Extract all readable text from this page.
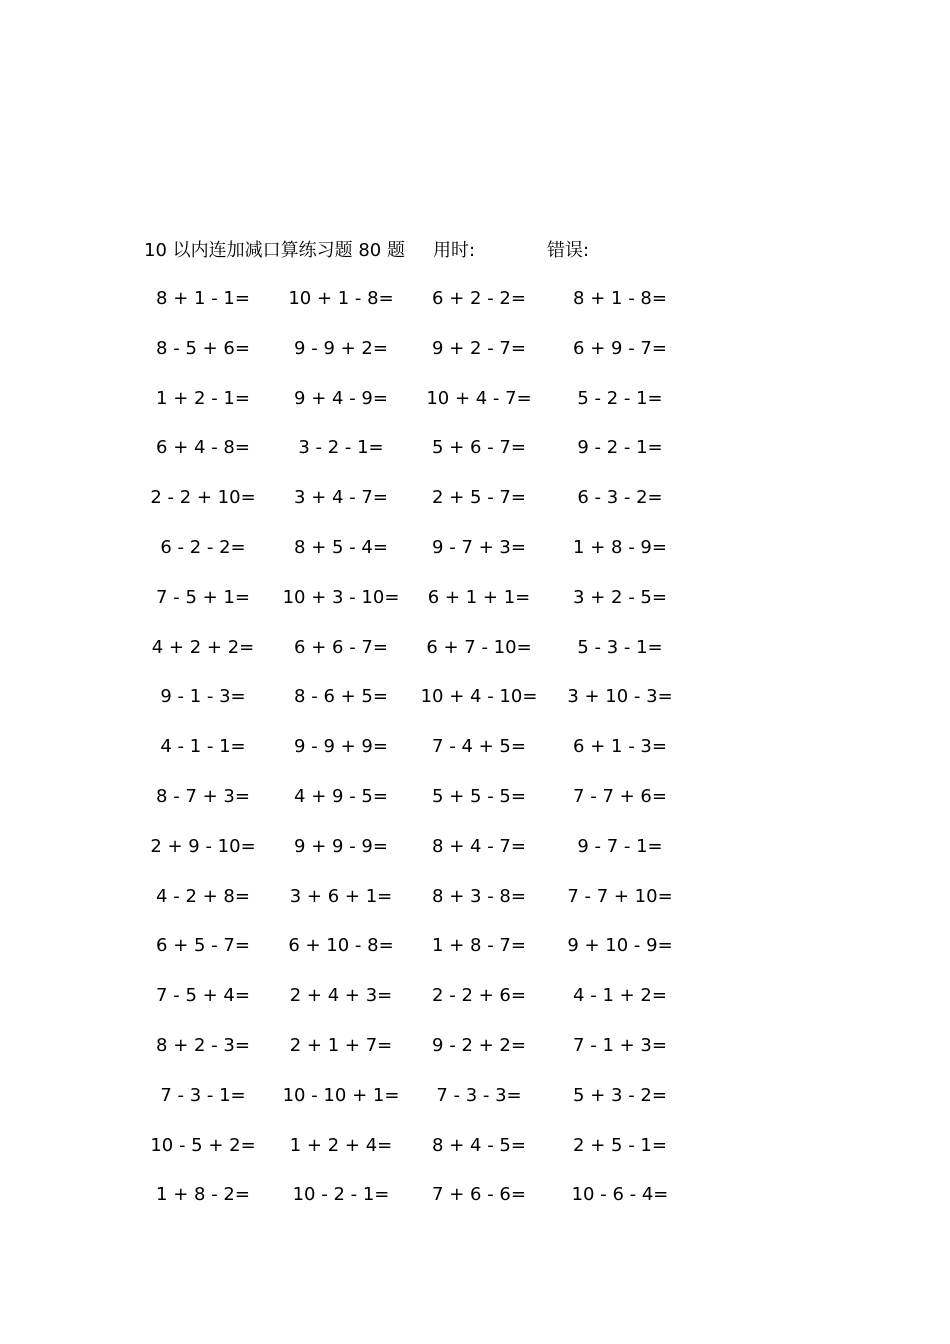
10 以内连加减口算练习题 80 题 用时:	错误:
8 + 1 - 1=	10 + 1 - 8=	6 + 2 - 2=	8 + 1 - 8=
8 - 5 + 6=	9 - 9 + 2=	9 + 2 - 7=	6 + 9 - 7=
1 + 2 - 1=	9 + 4 - 9=	10 + 4 - 7=	5 - 2 - 1=
6 + 4 - 8=	3 - 2 - 1=	5 + 6 - 7=	9 - 2 - 1=
2 - 2 + 10=	3 + 4 - 7=	2 + 5 - 7=	6 - 3 - 2=
6 - 2 - 2=	8 + 5 - 4=	9 - 7 + 3=	1 + 8 - 9=
7 - 5 + 1=	10 + 3 - 10=	6 + 1 + 1=	3 + 2 - 5=
4 + 2 + 2=	6 + 6 - 7=	6 + 7 - 10=	5 - 3 - 1=
9 - 1 - 3=	8 - 6 + 5=	10 + 4 - 10=	3 + 10 - 3=
4 - 1 - 1=	9 - 9 + 9=	7 - 4 + 5=	6 + 1 - 3=
8 - 7 + 3=	4 + 9 - 5=	5 + 5 - 5=	7 - 7 + 6=
2 + 9 - 10=	9 + 9 - 9=	8 + 4 - 7=	9 - 7 - 1=
4 - 2 + 8=	3 + 6 + 1=	8 + 3 - 8=	7 - 7 + 10=
6 + 5 - 7=	6 + 10 - 8=	1 + 8 - 7=	9 + 10 - 9=
7 - 5 + 4=	2 + 4 + 3=	2 - 2 + 6=	4 - 1 + 2=
8 + 2 - 3=	2 + 1 + 7=	9 - 2 + 2=	7 - 1 + 3=
7 - 3 - 1=	10 - 10 + 1=	7 - 3 - 3=	5 + 3 - 2=
10 - 5 + 2=	1 + 2 + 4=	8 + 4 - 5=	2 + 5 - 1=
1 + 8 - 2=	10 - 2 - 1=	7 + 6 - 6=	10 - 6 - 4=
